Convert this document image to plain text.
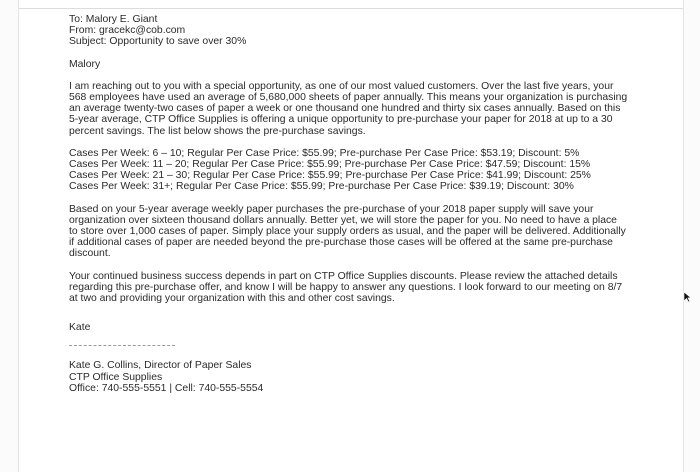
To: Malory E. Giant
From: gracekc@cob.com
Subject: Opportunity to save over 30%

Malory

I am reaching out to you with a special opportunity, as one of our most valued customers. Over the last five years, your
568 employees have used an average of 5,680,000 sheets of paper annually. This means your organization is purchasing
an average twenty-two cases of paper a week or one thousand one hundred and thirty six cases annually. Based on this
5-year average, CTP Office Supplies is offering a unique opportunity to pre-purchase your paper for 2018 at up to a 30
percent savings. The list below shows the pre-purchase savings.
Cases Per Week: 6 – 10; Regular Per Case Price: $55.99; Pre-purchase Per Case Price: $53.19; Discount: 5%
Cases Per Week: 11 – 20; Regular Per Case Price: $55.99; Pre-purchase Per Case Price: $47.59; Discount: 15%
Cases Per Week: 21 – 30; Regular Per Case Price: $55.99; Pre-purchase Per Case Price: $41.99; Discount: 25%
Cases Per Week: 31+; Regular Per Case Price: $55.99; Pre-purchase Per Case Price: $39.19; Discount: 30%
Based on your 5-year average weekly paper purchases the pre-purchase of your 2018 paper supply will save your
organization over sixteen thousand dollars annually. Better yet, we will store the paper for you. No need to have a place
to store over 1,000 cases of paper. Simply place your supply orders as usual, and the paper will be delivered. Additionally
if additional cases of paper are needed beyond the pre-purchase those cases will be offered at the same pre-purchase
discount.
Your continued business success depends in part on CTP Office Supplies discounts. Please review the attached details
regarding this pre-purchase offer, and know I will be happy to answer any questions. I look forward to our meeting on 8/7
at two and providing your organization with this and other cost savings.

Kate

Kate G. Collins, Director of Paper Sales
CTP Office Supplies
Office: 740-555-5551 | Cell: 740-555-5554
